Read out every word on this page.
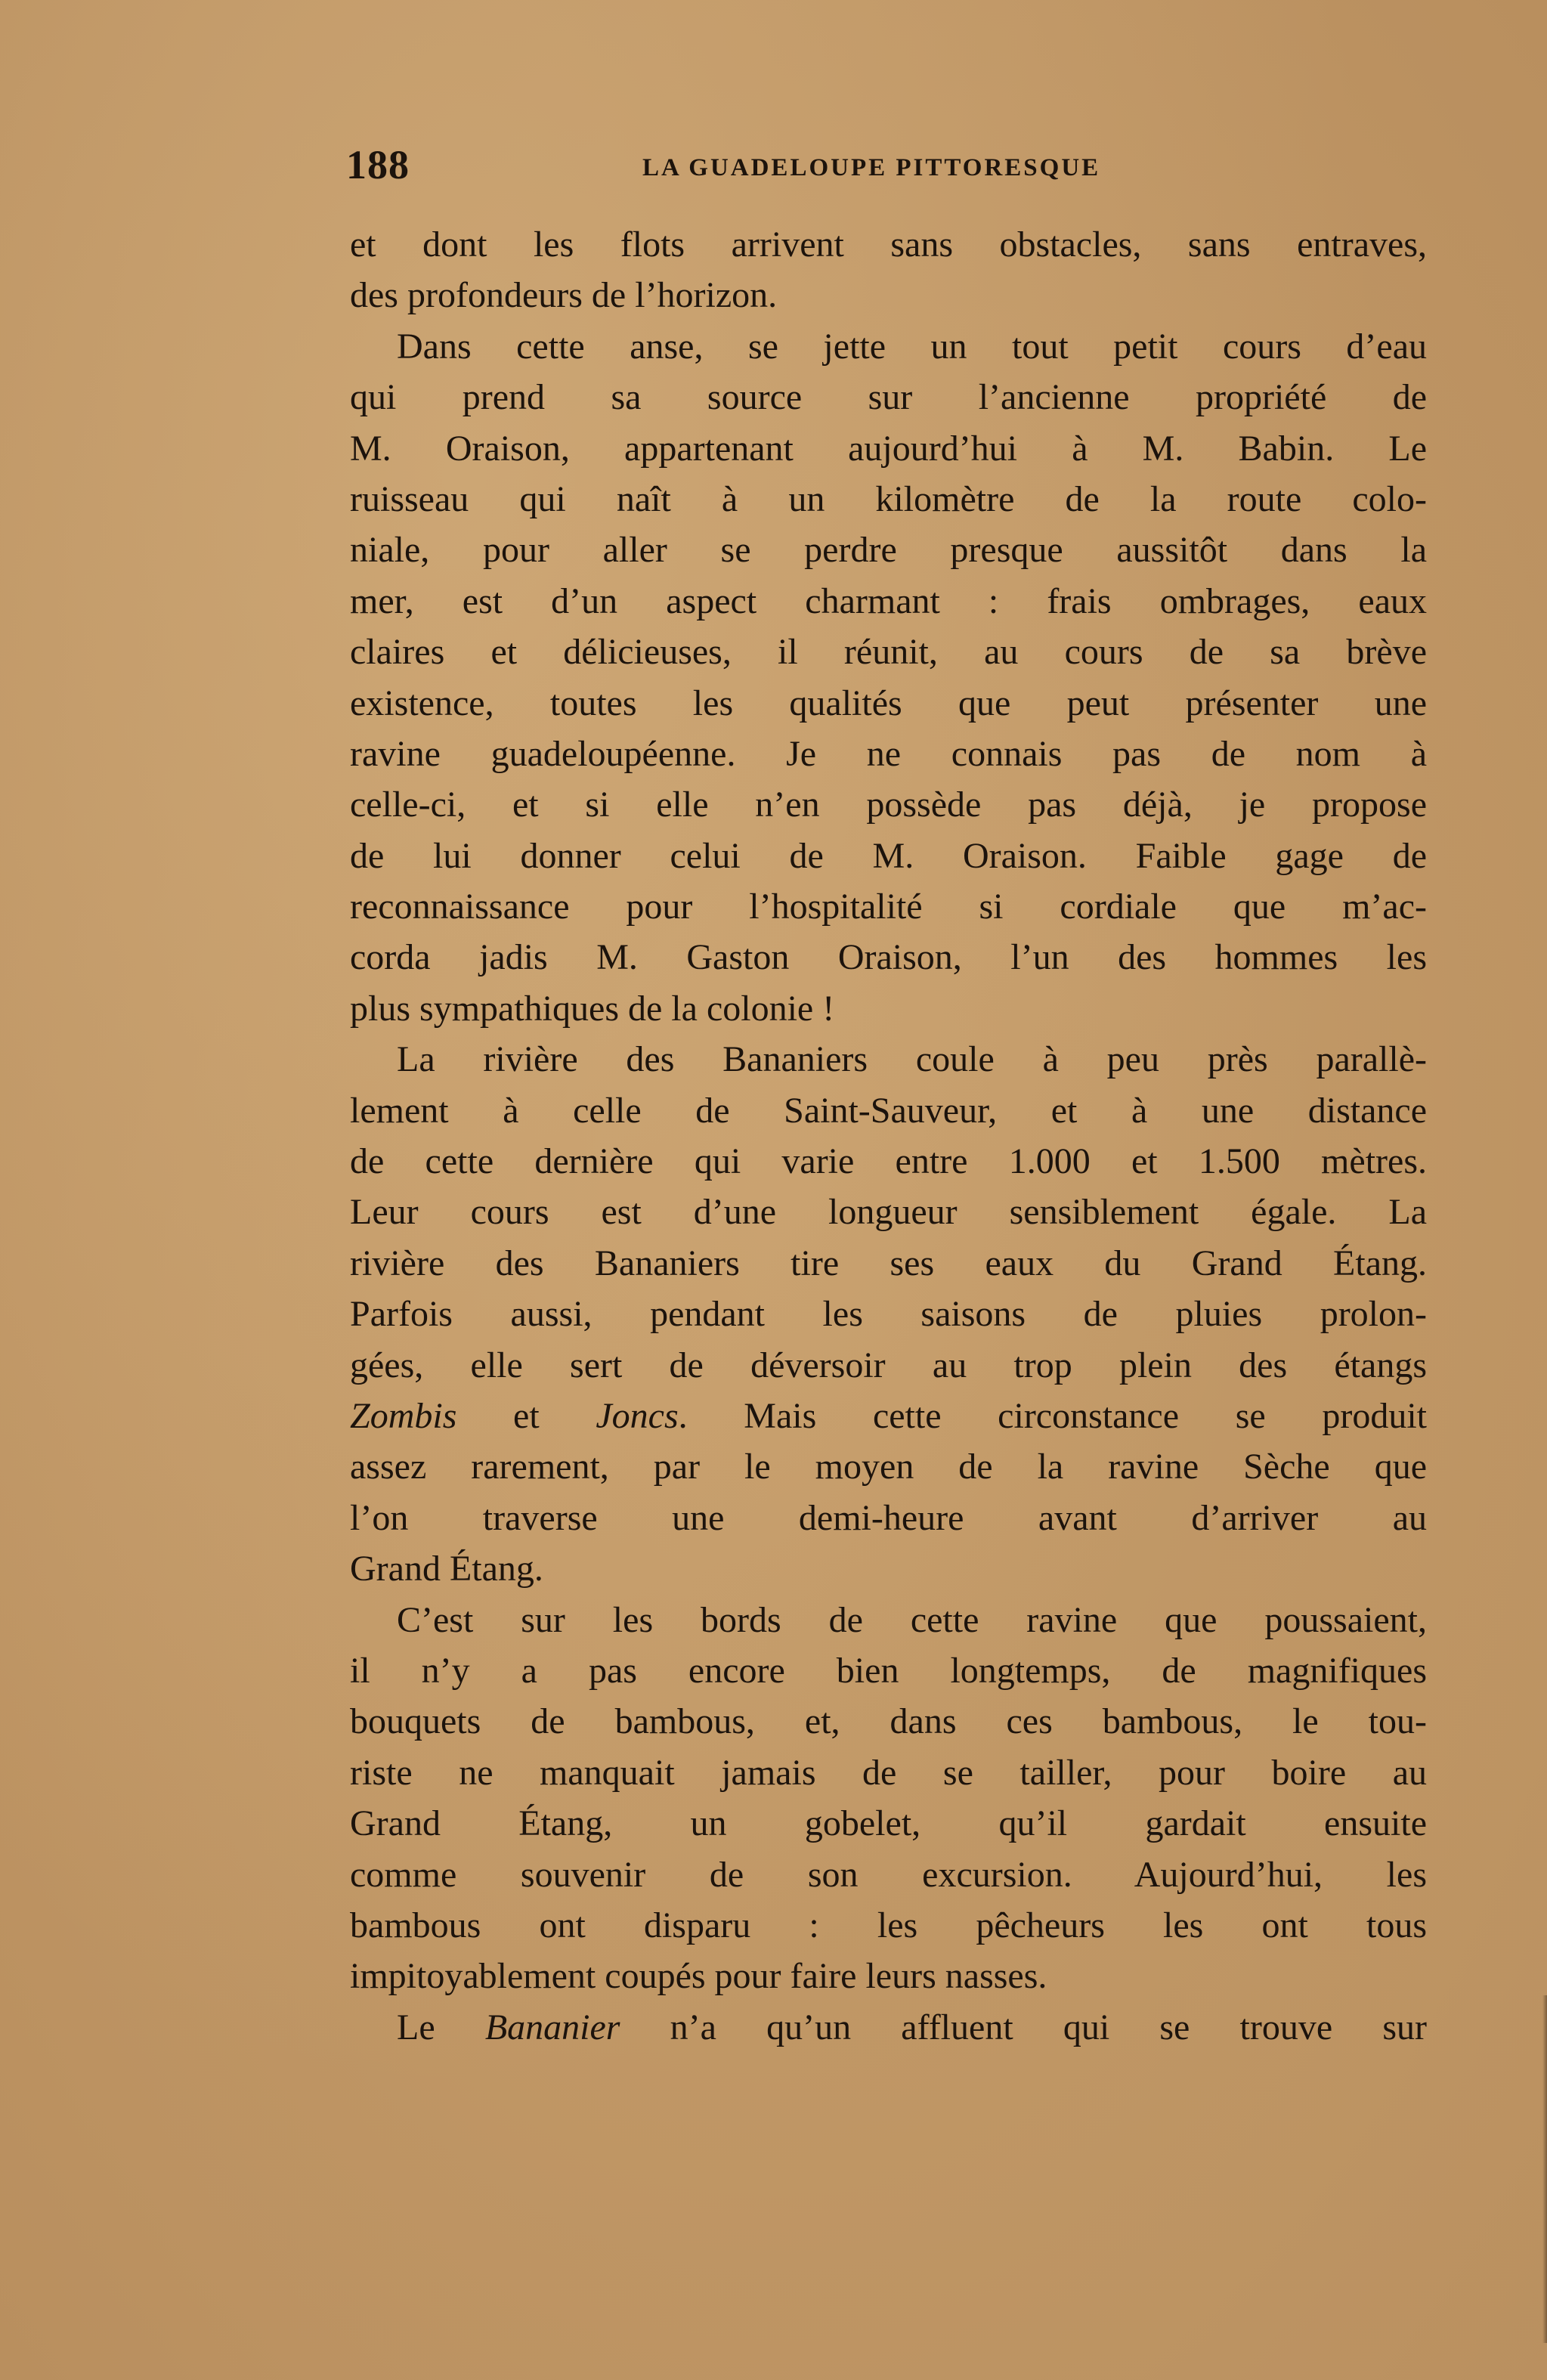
188	LA GUADELOUPE PITTORESQUE
et dont les flots arrivent sans obstacles, sans entraves,
des profondeurs de l’horizon.
Dans cette anse, se jette un tout petit cours d’eau
qui prend sa source sur l’ancienne propriété de
M. Oraison, appartenant aujourd’hui à M. Babin. Le
ruisseau qui naît à un kilomètre de la route colo-
niale, pour aller se perdre presque aussitôt dans la
mer, est d’un aspect charmant : frais ombrages, eaux
claires et délicieuses, il réunit, au cours de sa brève
existence, toutes les qualités que peut présenter une
ravine guadeloupéenne. Je ne connais pas de nom à
celle-ci, et si elle n’en possède pas déjà, je propose
de lui donner celui de M. Oraison. Faible gage de
reconnaissance pour l’hospitalité si cordiale que m’ac-
corda jadis M. Gaston Oraison, l’un des hommes les
plus sympathiques de la colonie !
La rivière des Bananiers coule à peu près parallè-
lement à celle de Saint-Sauveur, et à une distance
de cette dernière qui varie entre 1.000 et 1.500 mètres.
Leur cours est d’une longueur sensiblement égale. La
rivière des Bananiers tire ses eaux du Grand Étang.
Parfois aussi, pendant les saisons de pluies prolon-
gées, elle sert de déversoir au trop plein des étangs
Zombis et Joncs. Mais cette circonstance se produit
assez rarement, par le moyen de la ravine Sèche que
l’on traverse une demi-heure avant d’arriver au
Grand Étang.
C’est sur les bords de cette ravine que poussaient,
il n’y a pas encore bien longtemps, de magnifiques
bouquets de bambous, et, dans ces bambous, le tou-
riste ne manquait jamais de se tailler, pour boire au
Grand Étang, un gobelet, qu’il gardait ensuite
comme souvenir de son excursion. Aujourd’hui, les
bambous ont disparu : les pêcheurs les ont tous
impitoyablement coupés pour faire leurs nasses.
Le Bananier n’a qu’un affluent qui se trouve sur
